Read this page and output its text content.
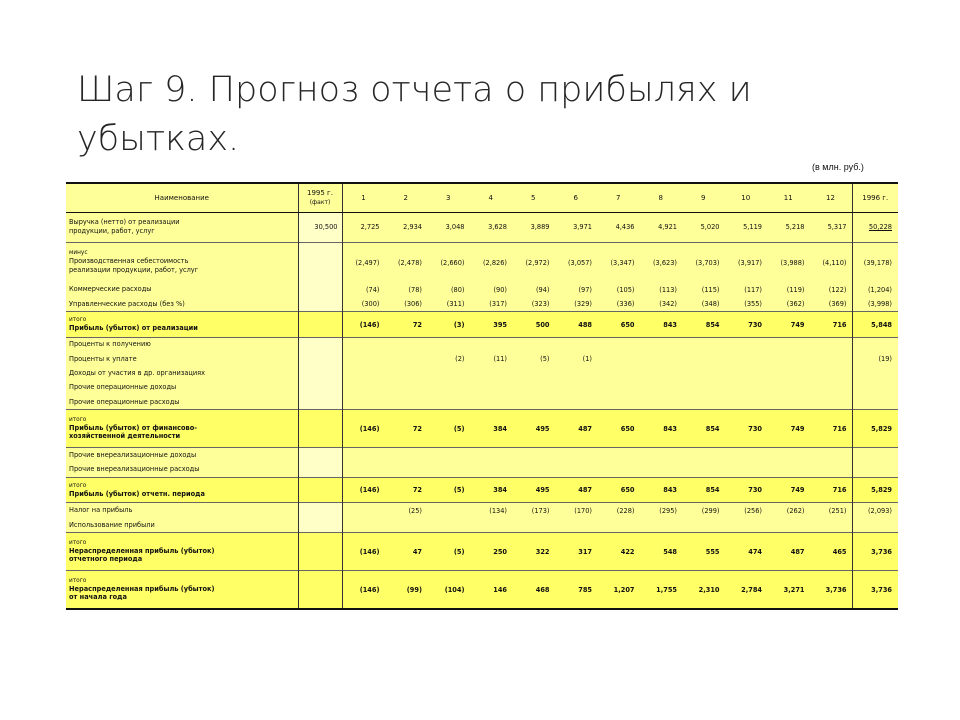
Шаг 9. Прогноз отчета о прибылях и убытках.
(в млн. руб.)
Наименование	1995 г.
(факт)	1	2	3	4	5	6	7	8	9	10	11	12	1996 г.

Выручка (нетто) от реализации
продукции, работ, услуг	30,500	2,725	2,934	3,048	3,628	3,889	3,971	4,436	4,921	5,020	5,119	5,218	5,317	50,228

минус
Производственная себестоимость
реализации продукции, работ, услуг		(2,497)	(2,478)	(2,660)	(2,826)	(2,972)	(3,057)	(3,347)	(3,623)	(3,703)	(3,917)	(3,988)	(4,110)	(39,178)

Коммерческие расходы		(74)	(78)	(80)	(90)	(94)	(97)	(105)	(113)	(115)	(117)	(119)	(122)	(1,204)

Управленческие расходы (без %)		(300)	(306)	(311)	(317)	(323)	(329)	(336)	(342)	(348)	(355)	(362)	(369)	(3,998)

итого
Прибыль (убыток) от реализации		(146)	72	(3)	395	500	488	650	843	854	730	749	716	5,848

Проценты к получению														

Проценты к уплате				(2)	(11)	(5)	(1)							(19)

Доходы от участия в др. организациях														

Прочие операционные доходы														

Прочие операционные расходы														

итого
Прибыль (убыток) от финансово-
хозяйственной деятельности		(146)	72	(5)	384	495	487	650	843	854	730	749	716	5,829

Прочие внереализационные доходы														

Прочие внереализационные расходы														

итого
Прибыль (убыток) отчетн. периода		(146)	72	(5)	384	495	487	650	843	854	730	749	716	5,829

Налог на прибыль			(25)		(134)	(173)	(170)	(228)	(295)	(299)	(256)	(262)	(251)	(2,093)

Использование прибыли														

итого
Нераспределенная прибыль (убыток)
отчетного периода		(146)	47	(5)	250	322	317	422	548	555	474	487	465	3,736

итого
Нераспределенная прибыль (убыток)
от начала года		(146)	(99)	(104)	146	468	785	1,207	1,755	2,310	2,784	3,271	3,736	3,736
